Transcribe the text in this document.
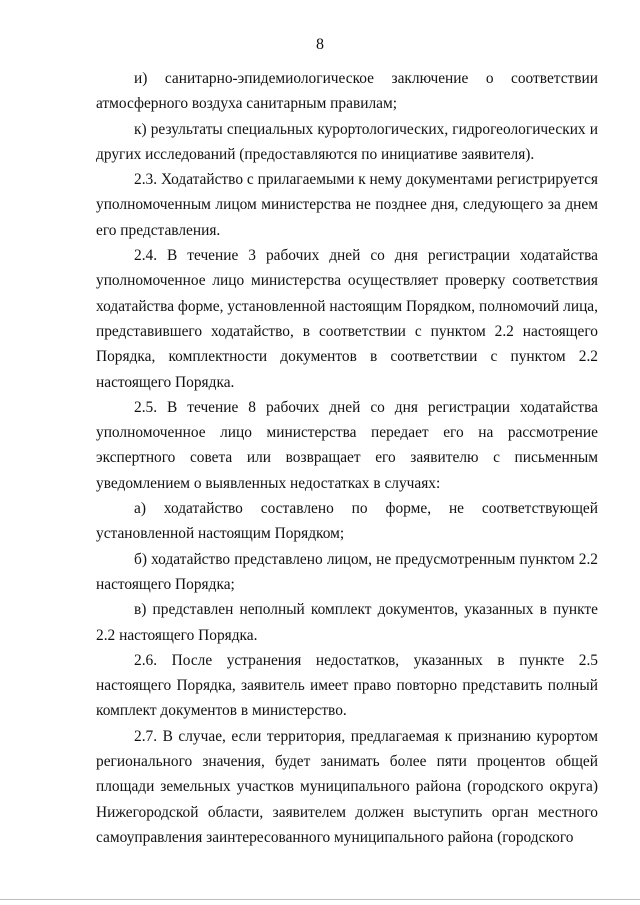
8

и) санитарно-эпидемиологическое заключение о соответствии атмосферного воздуха санитарным правилам;

к) результаты специальных курортологических, гидрогеологических и других исследований (предоставляются по инициативе заявителя).

2.3. Ходатайство с прилагаемыми к нему документами регистрируется уполномоченным лицом министерства не позднее дня, следующего за днем его представления.

2.4. В течение 3 рабочих дней со дня регистрации ходатайства уполномоченное лицо министерства осуществляет проверку соответствия ходатайства форме, установленной настоящим Порядком, полномочий лица, представившего ходатайство, в соответствии с пунктом 2.2 настоящего Порядка, комплектности документов в соответствии с пунктом 2.2 настоящего Порядка.

2.5. В течение 8 рабочих дней со дня регистрации ходатайства уполномоченное лицо министерства передает его на рассмотрение экспертного совета или возвращает его заявителю с письменным уведомлением о выявленных недостатках в случаях:

а) ходатайство составлено по форме, не соответствующей установленной настоящим Порядком;

б) ходатайство представлено лицом, не предусмотренным пунктом 2.2 настоящего Порядка;

в) представлен неполный комплект документов, указанных в пункте 2.2 настоящего Порядка.

2.6. После устранения недостатков, указанных в пункте 2.5 настоящего Порядка, заявитель имеет право повторно представить полный комплект документов в министерство.

2.7. В случае, если территория, предлагаемая к признанию курортом регионального значения, будет занимать более пяти процентов общей площади земельных участков муниципального района (городского округа) Нижегородской области, заявителем должен выступить орган местного самоуправления заинтересованного муниципального района (городского
